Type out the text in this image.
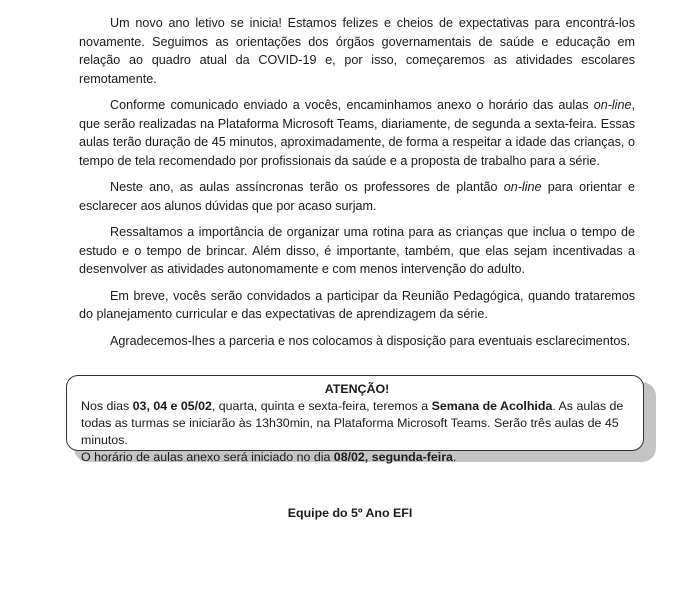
Um novo ano letivo se inicia! Estamos felizes e cheios de expectativas para encontrá-los novamente. Seguimos as orientações dos órgãos governamentais de saúde e educação em relação ao quadro atual da COVID-19 e, por isso, começaremos as atividades escolares remotamente.

Conforme comunicado enviado a vocês, encaminhamos anexo o horário das aulas on-line, que serão realizadas na Plataforma Microsoft Teams, diariamente, de segunda a sexta-feira. Essas aulas terão duração de 45 minutos, aproximadamente, de forma a respeitar a idade das crianças, o tempo de tela recomendado por profissionais da saúde e a proposta de trabalho para a série.

Neste ano, as aulas assíncronas terão os professores de plantão on-line para orientar e esclarecer aos alunos dúvidas que por acaso surjam.

Ressaltamos a importância de organizar uma rotina para as crianças que inclua o tempo de estudo e o tempo de brincar. Além disso, é importante, também, que elas sejam incentivadas a desenvolver as atividades autonomamente e com menos intervenção do adulto.

Em breve, vocês serão convidados a participar da Reunião Pedagógica, quando trataremos do planejamento curricular e das expectativas de aprendizagem da série.

Agradecemos-lhes a parceria e nos colocamos à disposição para eventuais esclarecimentos.

ATENÇÃO!

Nos dias 03, 04 e 05/02, quarta, quinta e sexta-feira, teremos a Semana de Acolhida. As aulas de todas as turmas se iniciarão às 13h30min, na Plataforma Microsoft Teams. Serão três aulas de 45 minutos.

O horário de aulas anexo será iniciado no dia 08/02, segunda-feira.

Equipe do 5º Ano EFI
